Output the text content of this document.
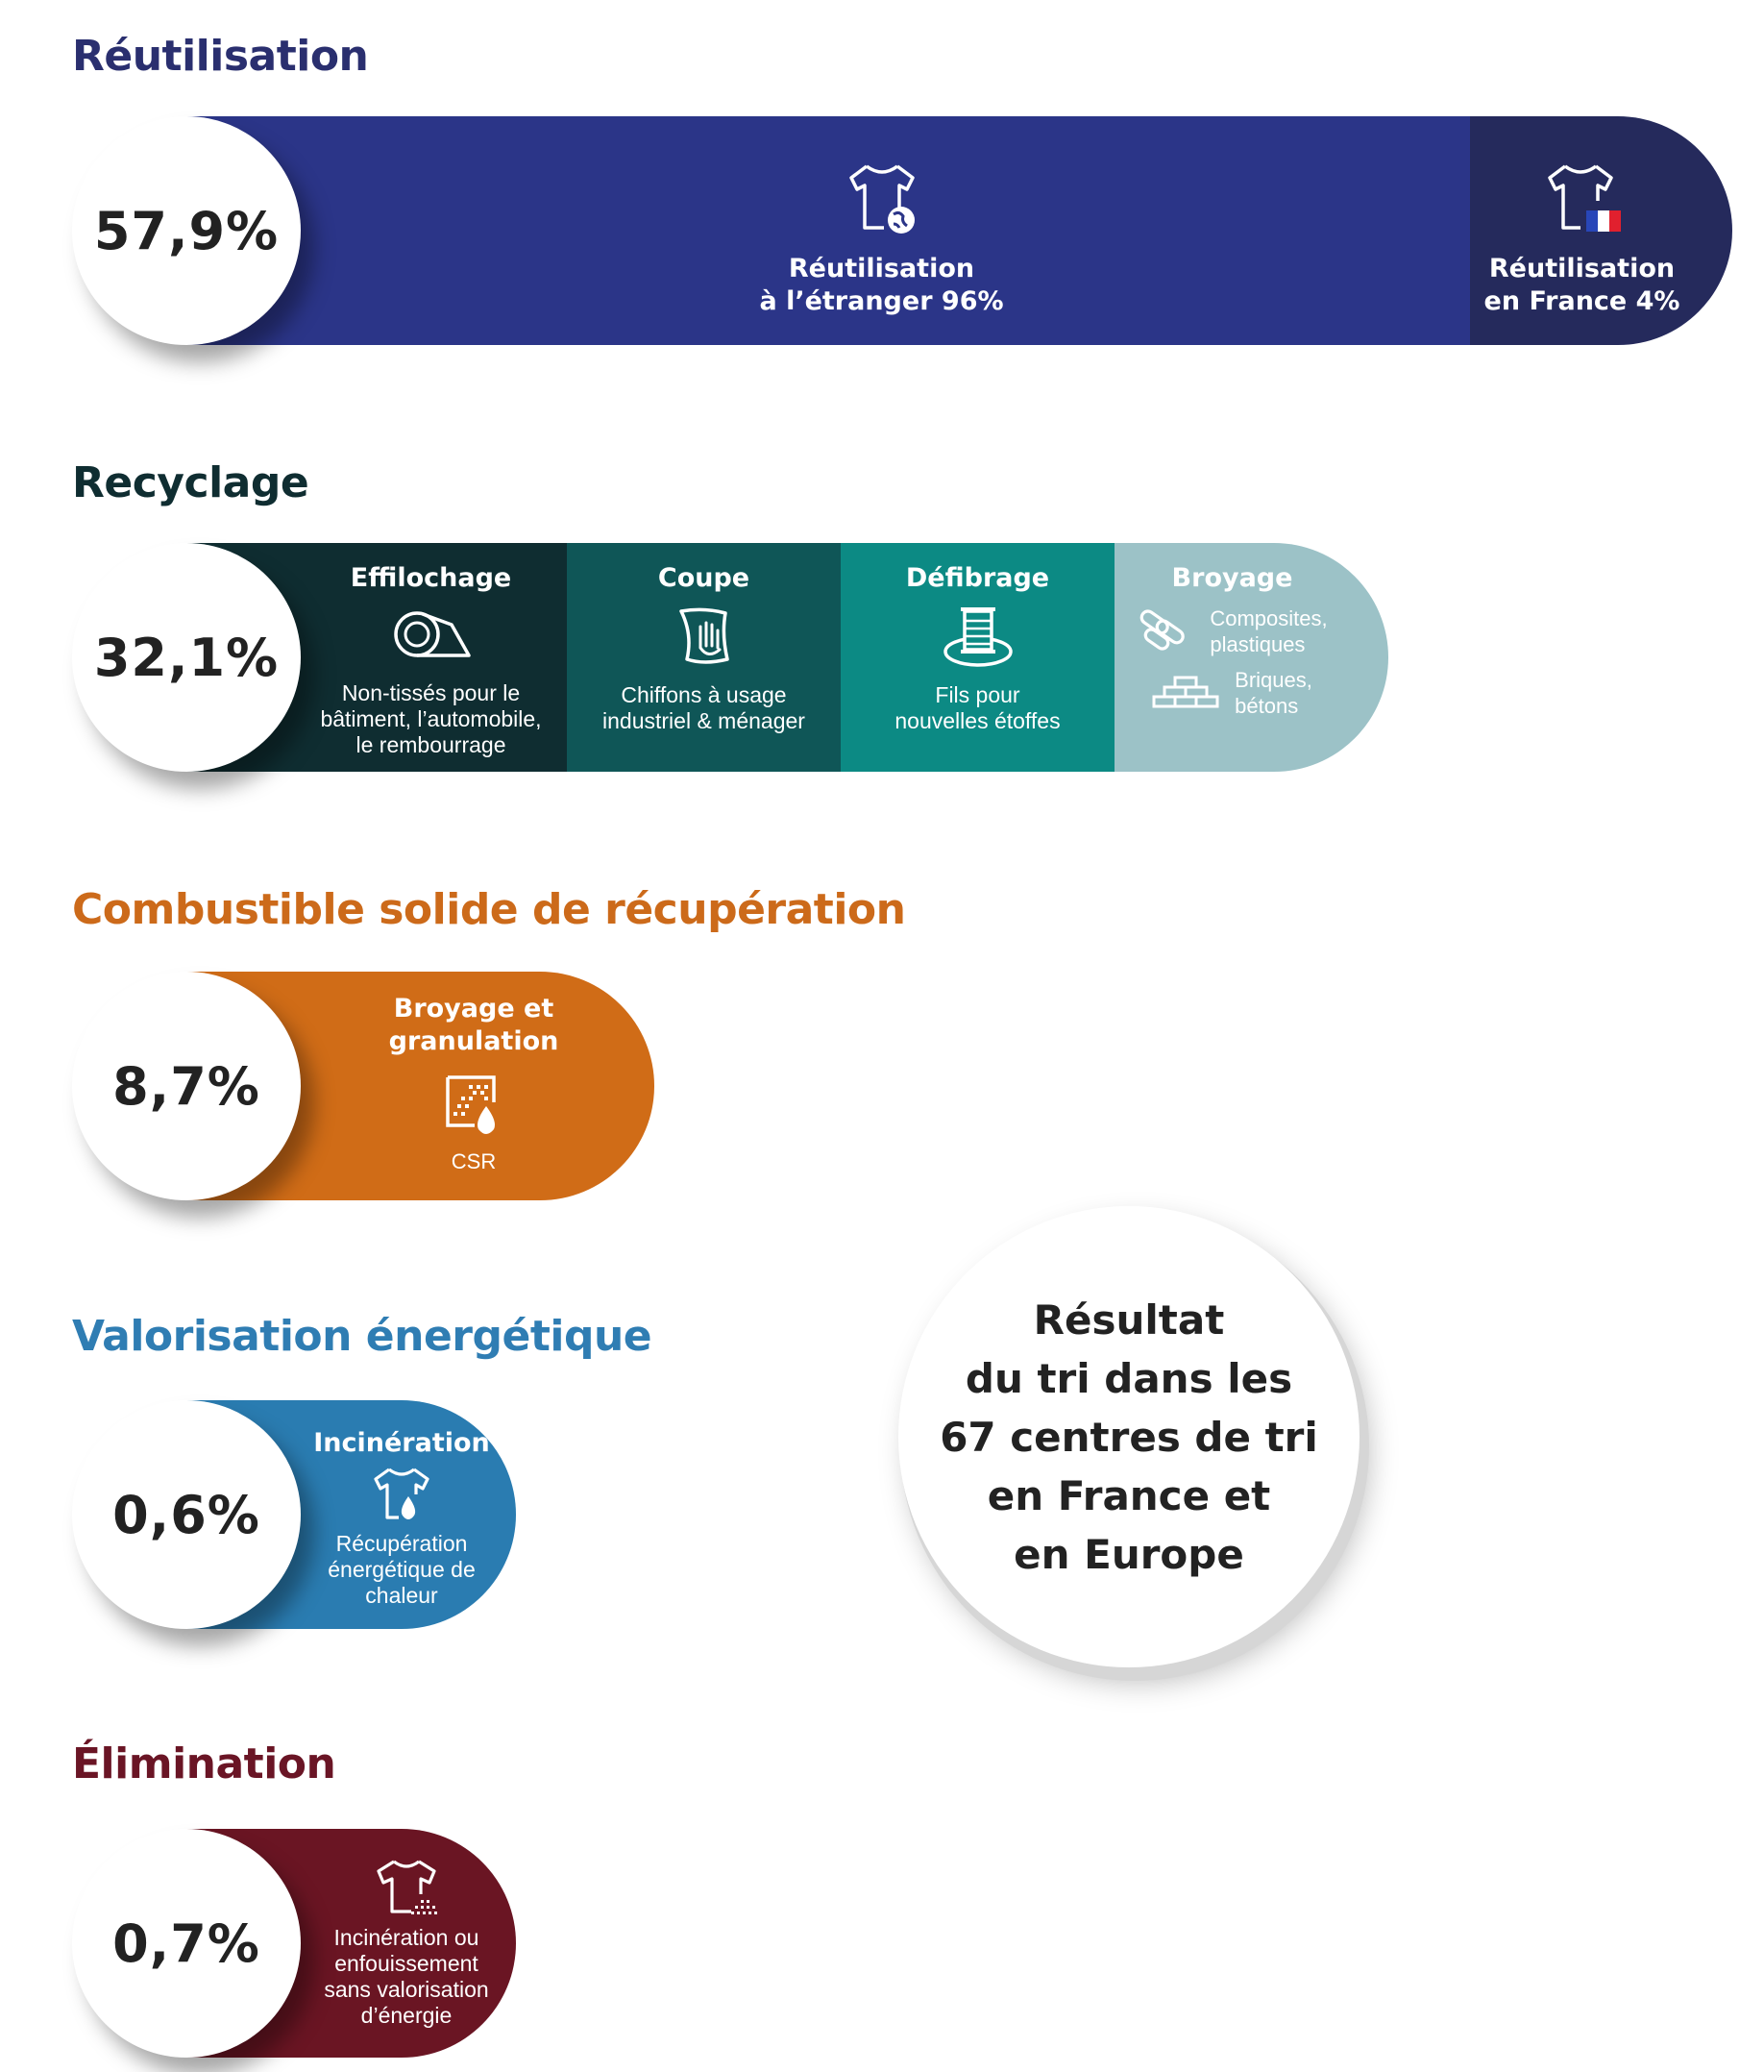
Réutilisation
Réutilisation
à l’étranger 96%
Réutilisation
en France 4%
57,9%
Recyclage
Effilochage
Non-tissés pour le
bâtiment, l’automobile,
le rembourrage
Coupe
Chiffons à usage
industriel & ménager
Défibrage
Fils pour
nouvelles étoffes
Broyage
Composites,
plastiques
Briques,
bétons
32,1%
Combustible solide de récupération
Broyage et
granulation
CSR
8,7%
Valorisation énergétique
Incinération
Récupération
énergétique de
chaleur
0,6%
Élimination
Incinération ou
enfouissement
sans valorisation
d’énergie
0,7%
Résultat
du tri dans les
67 centres de tri
en France et
en Europe
